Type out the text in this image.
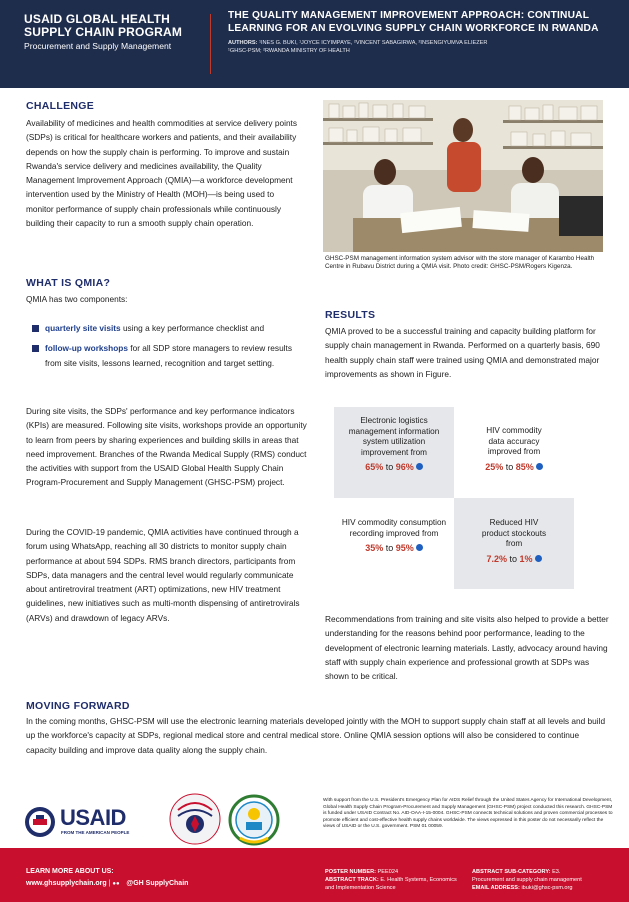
USAID GLOBAL HEALTH
SUPPLY CHAIN PROGRAM
Procurement and Supply Management
THE QUALITY MANAGEMENT IMPROVEMENT APPROACH: CONTINUAL LEARNING FOR AN EVOLVING SUPPLY CHAIN WORKFORCE IN RWANDA
AUTHORS: ¹INES G. BUKI, ¹JOYCE ICYIMPAYE, ²VINCENT SABAGIRWA, ²INSENGIYUMVA ELIEZER
¹GHSC-PSM; ²RWANDA MINISTRY OF HEALTH
CHALLENGE
Availability of medicines and health commodities at service delivery points (SDPs) is critical for healthcare workers and patients, and their availability depends on how the supply chain is performing. To improve and sustain Rwanda's service delivery and medicines availability, the Quality Management Improvement Approach (QMIA)—a workforce development intervention used by the Ministry of Health (MOH)—is being used to monitor performance of supply chain professionals while continuously building their capacity to run a smooth supply chain operation.
WHAT IS QMIA?
QMIA has two components:
quarterly site visits using a key performance checklist and
follow-up workshops for all SDP store managers to review results from site visits, lessons learned, recognition and target setting.
During site visits, the SDPs' performance and key performance indicators (KPIs) are measured. Following site visits, workshops provide an opportunity to learn from peers by sharing experiences and building skills in areas that need improvement. Branches of the Rwanda Medical Supply (RMS) conduct the activities with support from the USAID Global Health Supply Chain Program-Procurement and Supply Management (GHSC-PSM) project.
During the COVID-19 pandemic, QMIA activities have continued through a forum using WhatsApp, reaching all 30 districts to monitor supply chain performance at about 594 SDPs. RMS branch directors, participants from SDPs, data managers and the central level would regularly communicate about antiretroviral treatment (ART) optimizations, new HIV treatment guidelines, new initiatives such as multi-month dispensing of antiretrovirals (ARVs) and drawdown of legacy ARVs.
GHSC-PSM management information system advisor with the store manager of Karambo Health Centre in Rubavu District during a QMIA visit. Photo credit: GHSC-PSM/Rogers Kigenza.
RESULTS
QMIA proved to be a successful training and capacity building platform for supply chain management in Rwanda. Performed on a quarterly basis, 690 health supply chain staff were trained using QMIA and demonstrated major improvements as shown in Figure.
Electronic logistics management information system utilization improvement from
65% to 96%
HIV commodity data accuracy improved from
25% to 85%
HIV commodity consumption recording improved from
35% to 95%
Reduced HIV product stockouts from
7.2% to 1%
Recommendations from training and site visits also helped to provide a better understanding for the reasons behind poor performance, leading to the development of electronic learning materials. Lastly, advocacy around having staff with supply chain experience and professional growth at SDPs was shown to be critical.
MOVING FORWARD
In the coming months, GHSC-PSM will use the electronic learning materials developed jointly with the MOH to support supply chain staff at all levels and build up the workforce's capacity at SDPs, regional medical store and central medical store. Online QMIA session options will also be considered to continue capacity building and improve data quality along the supply chain.
USAID
FROM THE AMERICAN PEOPLE
With support from the U.S. President's Emergency Plan for AIDS Relief through the United States Agency for International Development, Global Health Supply Chain Program-Procurement and Supply Management (GHSC-PSM) project conducted this research. GHSC-PSM is funded under USAID Contract No. AID-OAA-I-15-0004. GHSC-PSM connects technical solutions and proven commercial processes to promote efficient and cost-effective health supply chains worldwide. The views expressed in this poster do not necessarily reflect the views of USAID or the U.S. government. PSM 01 00059.
LEARN MORE ABOUT US:
www.ghsupplychain.org | ●● @GH SupplyChain
POSTER NUMBER: PEE024
ABSTRACT TRACK: E. Health Systems, Economics and Implementation Science
ABSTRACT SUB-CATEGORY: E3.
Procurement and supply chain management
EMAIL ADDRESS: ibuki@ghsc-psm.org
